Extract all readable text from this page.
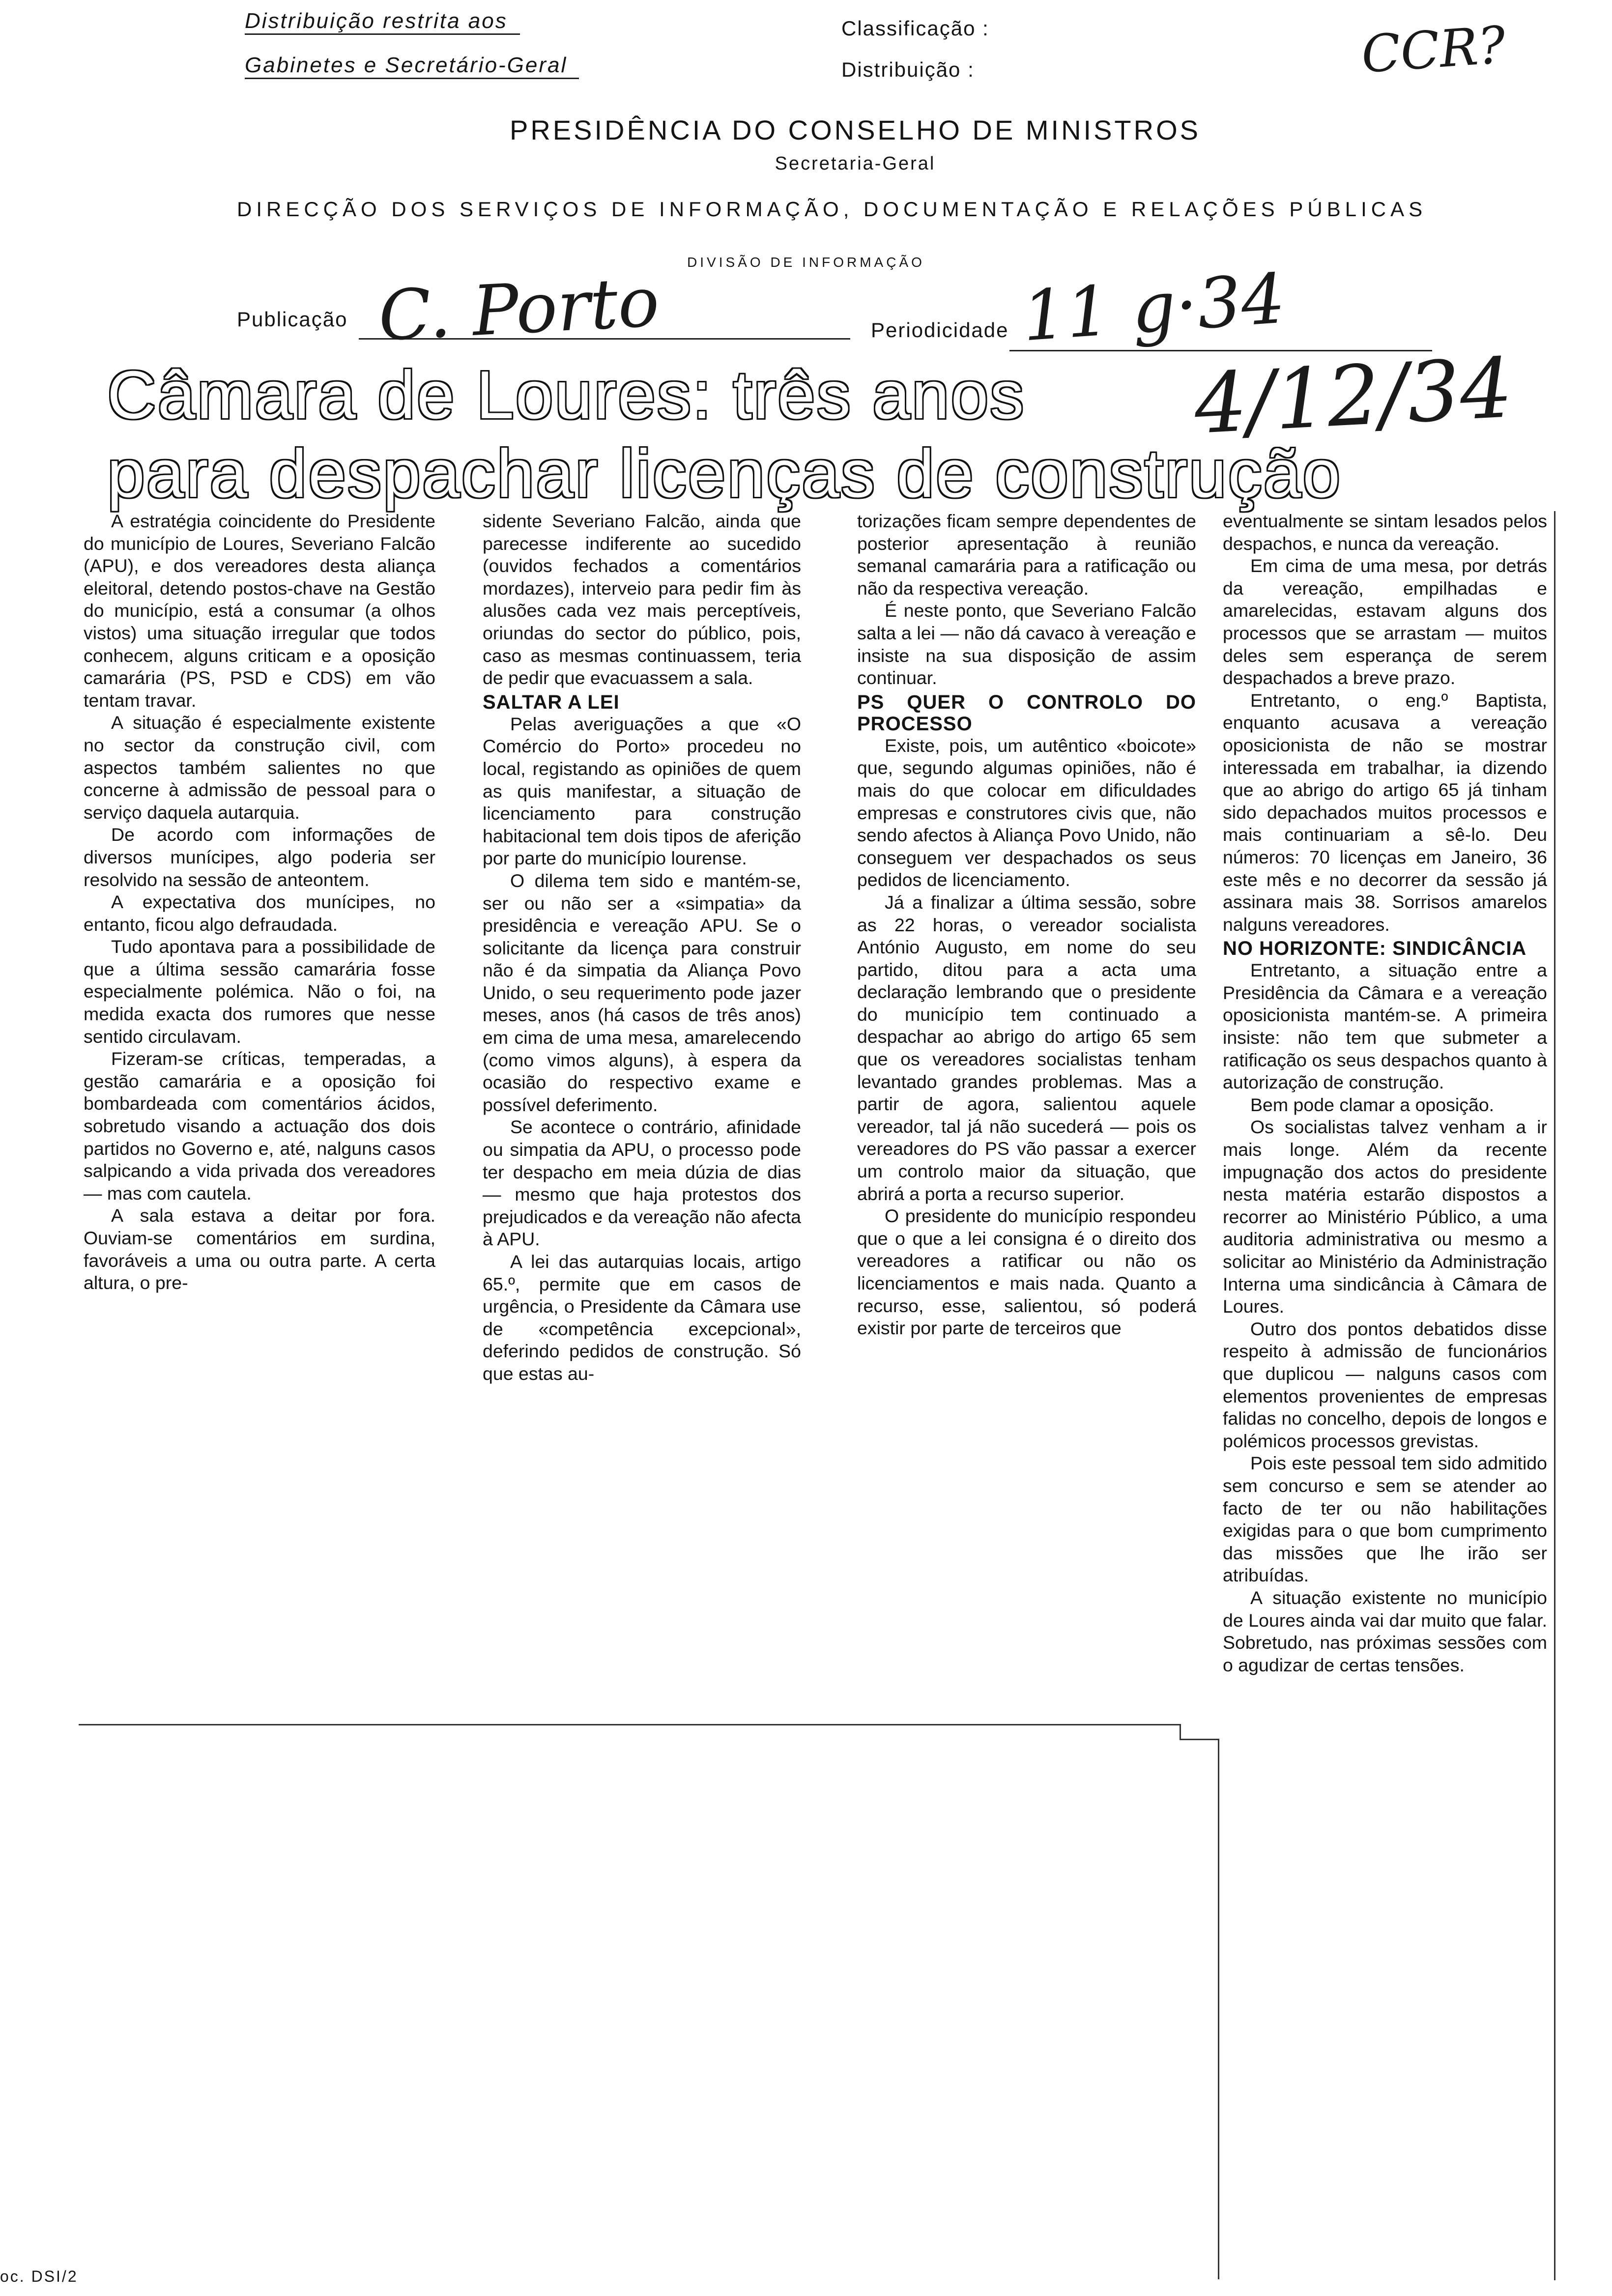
Distribuição restrita aos
Gabinetes e Secretário-Geral
Classificação :
Distribuição :	CCR?
PRESIDÊNCIA DO CONSELHO DE MINISTROS
Secretaria-Geral
DIRECÇÃO DOS SERVIÇOS DE INFORMAÇÃO, DOCUMENTAÇÃO E RELAÇÕES PÚBLICAS
DIVISÃO DE INFORMAÇÃO
Publicação C. Porto	Periodicidade 11 g·34
Câmara de Loures: três anos 4/12/34
para despachar licenças de construção

A estratégia coincidente do Presidente do município de Loures, Severiano Falcão (APU), e dos vereadores desta aliança eleitoral, detendo postos-chave na Gestão do município, está a consumar (a olhos vistos) uma situação irregular que todos conhecem, alguns criticam e a oposição camarária (PS, PSD e CDS) em vão tentam travar.

A situação é especialmente existente no sector da construção civil, com aspectos também salientes no que concerne à admissão de pessoal para o serviço daquela autarquia.

De acordo com informações de diversos munícipes, algo poderia ser resolvido na sessão de anteontem.

A expectativa dos munícipes, no entanto, ficou algo defraudada.

Tudo apontava para a possibilidade de que a última sessão camarária fosse especialmente polémica. Não o foi, na medida exacta dos rumores que nesse sentido circulavam.

Fizeram-se críticas, temperadas, a gestão camarária e a oposição foi bombardeada com comentários ácidos, sobretudo visando a actuação dos dois partidos no Governo e, até, nalguns casos salpicando a vida privada dos vereadores — mas com cautela.

A sala estava a deitar por fora. Ouviam-se comentários em surdina, favoráveis a uma ou outra parte. A certa altura, o pre-

sidente Severiano Falcão, ainda que parecesse indiferente ao sucedido (ouvidos fechados a comentários mordazes), interveio para pedir fim às alusões cada vez mais perceptíveis, oriundas do sector do público, pois, caso as mesmas continuassem, teria de pedir que evacuassem a sala.

SALTAR A LEI

Pelas averiguações a que «O Comércio do Porto» procedeu no local, registando as opiniões de quem as quis manifestar, a situação de licenciamento para construção habitacional tem dois tipos de aferição por parte do município lourense.

O dilema tem sido e mantém-se, ser ou não ser a «simpatia» da presidência e vereação APU. Se o solicitante da licença para construir não é da simpatia da Aliança Povo Unido, o seu requerimento pode jazer meses, anos (há casos de três anos) em cima de uma mesa, amarelecendo (como vimos alguns), à espera da ocasião do respectivo exame e possível deferimento.

Se acontece o contrário, afinidade ou simpatia da APU, o processo pode ter despacho em meia dúzia de dias — mesmo que haja protestos dos prejudicados e da vereação não afecta à APU.

A lei das autarquias locais, artigo 65.º, permite que em casos de urgência, o Presidente da Câmara use de «competência excepcional», deferindo pedidos de construção. Só que estas au-

torizações ficam sempre dependentes de posterior apresentação à reunião semanal camarária para a ratificação ou não da respectiva vereação.

É neste ponto, que Severiano Falcão salta a lei — não dá cavaco à vereação e insiste na sua disposição de assim continuar.

PS QUER O CONTROLO DO PROCESSO

Existe, pois, um autêntico «boicote» que, segundo algumas opiniões, não é mais do que colocar em dificuldades empresas e construtores civis que, não sendo afectos à Aliança Povo Unido, não conseguem ver despachados os seus pedidos de licenciamento.

Já a finalizar a última sessão, sobre as 22 horas, o vereador socialista António Augusto, em nome do seu partido, ditou para a acta uma declaração lembrando que o presidente do município tem continuado a despachar ao abrigo do artigo 65 sem que os vereadores socialistas tenham levantado grandes problemas. Mas a partir de agora, salientou aquele vereador, tal já não sucederá — pois os vereadores do PS vão passar a exercer um controlo maior da situação, que abrirá a porta a recurso superior.

O presidente do município respondeu que o que a lei consigna é o direito dos vereadores a ratificar ou não os licenciamentos e mais nada. Quanto a recurso, esse, salientou, só poderá existir por parte de terceiros que

eventualmente se sintam lesados pelos despachos, e nunca da vereação.

Em cima de uma mesa, por detrás da vereação, empilhadas e amarelecidas, estavam alguns dos processos que se arrastam — muitos deles sem esperança de serem despachados a breve prazo.

Entretanto, o eng.º Baptista, enquanto acusava a vereação oposicionista de não se mostrar interessada em trabalhar, ia dizendo que ao abrigo do artigo 65 já tinham sido depachados muitos processos e mais continuariam a sê-lo. Deu números: 70 licenças em Janeiro, 36 este mês e no decorrer da sessão já assinara mais 38. Sorrisos amarelos nalguns vereadores.

NO HORIZONTE: SINDICÂNCIA

Entretanto, a situação entre a Presidência da Câmara e a vereação oposicionista mantém-se. A primeira insiste: não tem que submeter a ratificação os seus despachos quanto à autorização de construção.

Bem pode clamar a oposição.

Os socialistas talvez venham a ir mais longe. Além da recente impugnação dos actos do presidente nesta matéria estarão dispostos a recorrer ao Ministério Público, a uma auditoria administrativa ou mesmo a solicitar ao Ministério da Administração Interna uma sindicância à Câmara de Loures.

Outro dos pontos debatidos disse respeito à admissão de funcionários que duplicou — nalguns casos com elementos provenientes de empresas falidas no concelho, depois de longos e polémicos processos grevistas.

Pois este pessoal tem sido admitido sem concurso e sem se atender ao facto de ter ou não habilitações exigidas para o que bom cumprimento das missões que lhe irão ser atribuídas.

A situação existente no município de Loures ainda vai dar muito que falar. Sobretudo, nas próximas sessões com o agudizar de certas tensões.

oc. DSI/2
